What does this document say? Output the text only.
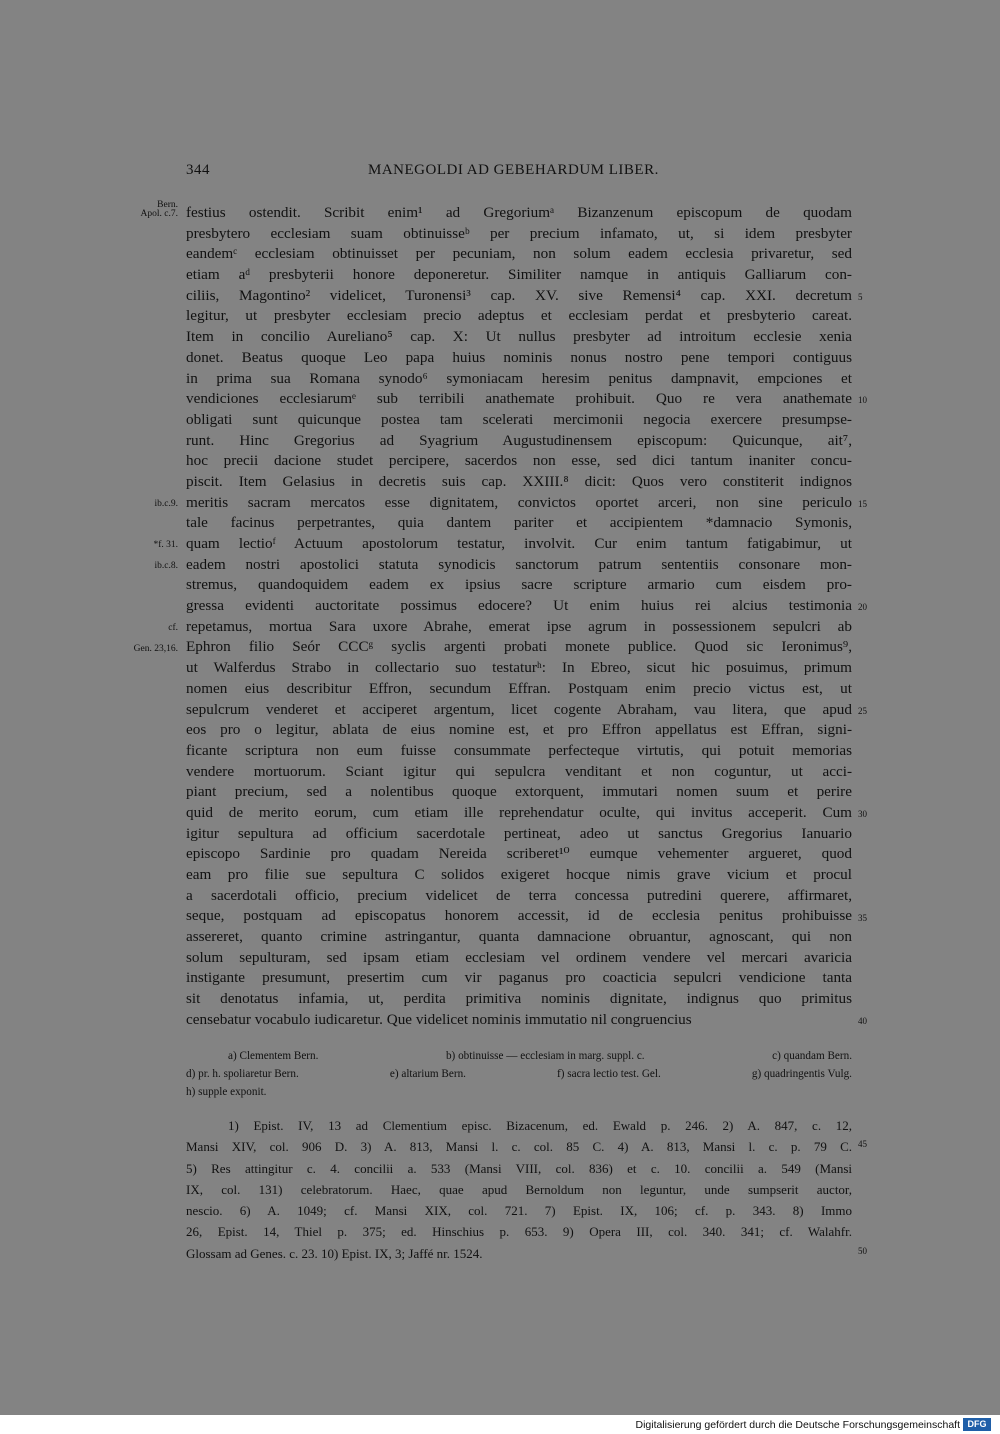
344	MANEGOLDI AD GEBEHARDUM LIBER.
festius ostendit. Scribit enim¹ ad Gregoriumᵃ Bizanzenum episcopum de quodam
presbytero ecclesiam suam obtinuisseᵇ per precium infamato, ut, si idem presbyter
eandemᶜ ecclesiam obtinuisset per pecuniam, non solum eadem ecclesia privaretur, sed
etiam aᵈ presbyterii honore deponeretur. Similiter namque in antiquis Galliarum con-
ciliis, Magontino² videlicet, Turonensi³ cap. XV. sive Remensi⁴ cap. XXI. decretum
legitur, ut presbyter ecclesiam precio adeptus et ecclesiam perdat et presbyterio careat.
Item in concilio Aureliano⁵ cap. X: Ut nullus presbyter ad introitum ecclesie xenia
donet. Beatus quoque Leo papa huius nominis nonus nostro pene tempori contiguus
in prima sua Romana synodo⁶ symoniacam heresim penitus dampnavit, empciones et
vendiciones ecclesiarumᵉ sub terribili anathemate prohibuit. Quo re vera anathemate
obligati sunt quicunque postea tam scelerati mercimonii negocia exercere presumpse-
runt. Hinc Gregorius ad Syagrium Augustudinensem episcopum: Quicunque, ait⁷,
hoc precii dacione studet percipere, sacerdos non esse, sed dici tantum inaniter concu-
piscit. Item Gelasius in decretis suis cap. XXIII.⁸ dicit: Quos vero constiterit indignos
meritis sacram mercatos esse dignitatem, convictos oportet arceri, non sine periculo
tale facinus perpetrantes, quia dantem pariter et accipientem *damnacio Symonis,
quam lectioᶠ Actuum apostolorum testatur, involvit. Cur enim tantum fatigabimur, ut
eadem nostri apostolici statuta synodicis sanctorum patrum sententiis consonare mon-
stremus, quandoquidem eadem ex ipsius sacre scripture armario cum eisdem pro-
gressa evidenti auctoritate possimus edocere? Ut enim huius rei alcius testimonia
repetamus, mortua Sara uxore Abrahe, emerat ipse agrum in possessionem sepulcri ab
Ephron filio Seór CCCᵍ syclis argenti probati monete publice. Quod sic Ieronimus⁹,
ut Walferdus Strabo in collectario suo testaturʰ: In Ebreo, sicut hic posuimus, primum
nomen eius describitur Effron, secundum Effran. Postquam enim precio victus est, ut
sepulcrum venderet et acciperet argentum, licet cogente Abraham, vau litera, que apud
eos pro o legitur, ablata de eius nomine est, et pro Effron appellatus est Effran, signi-
ficante scriptura non eum fuisse consummate perfecteque virtutis, qui potuit memorias
vendere mortuorum. Sciant igitur qui sepulcra venditant et non coguntur, ut acci-
piant precium, sed a nolentibus quoque extorquent, immutari nomen suum et perire
quid de merito eorum, cum etiam ille reprehendatur oculte, qui invitus acceperit. Cum
igitur sepultura ad officium sacerdotale pertineat, adeo ut sanctus Gregorius Ianuario
episcopo Sardinie pro quadam Nereida scriberet¹⁰ eumque vehementer argueret, quod
eam pro filie sue sepultura C solidos exigeret hocque nimis grave vicium et procul
a sacerdotali officio, precium videlicet de terra concessa putredini querere, affirmaret,
seque, postquam ad episcopatus honorem accessit, id de ecclesia penitus prohibuisse
assereret, quanto crimine astringantur, quanta damnacione obruantur, agnoscant, qui non
solum sepulturam, sed ipsam etiam ecclesiam vel ordinem vendere vel mercari avaricia
instigante presumunt, presertim cum vir paganus pro coacticia sepulcri vendicione tanta
sit denotatus infamia, ut, perdita primitiva nominis dignitate, indignus quo primitus
censebatur vocabulo iudicaretur. Que videlicet nominis immutatio nil congruencius
Bern.
Apol. c.7.
ib.c.9.
*f. 31.
ib.c.8.
cf.
Gen. 23,16.
5
10
15
20
25
30
35
40
45
50
a) Clementem Bern.	b) obtinuisse — ecclesiam in marg. suppl. c.	c) quandam Bern.
d) pr. h. spoliaretur Bern.	e) altarium Bern.	f) sacra lectio test. Gel.	g) quadringentis Vulg.
h) supple exponit.
1) Epist. IV, 13 ad Clementium episc. Bizacenum, ed. Ewald p. 246. 2) A. 847, c. 12,
Mansi XIV, col. 906 D. 3) A. 813, Mansi l. c. col. 85 C. 4) A. 813, Mansi l. c. p. 79 C.
5) Res attingitur c. 4. concilii a. 533 (Mansi VIII, col. 836) et c. 10. concilii a. 549 (Mansi
IX, col. 131) celebratorum. Haec, quae apud Bernoldum non leguntur, unde sumpserit auctor,
nescio. 6) A. 1049; cf. Mansi XIX, col. 721. 7) Epist. IX, 106; cf. p. 343. 8) Immo
26, Epist. 14, Thiel p. 375; ed. Hinschius p. 653. 9) Opera III, col. 340. 341; cf. Walahfr.
Glossam ad Genes. c. 23. 10) Epist. IX, 3; Jaffé nr. 1524.
Digitalisierung gefördert durch die Deutsche Forschungsgemeinschaft DFG
